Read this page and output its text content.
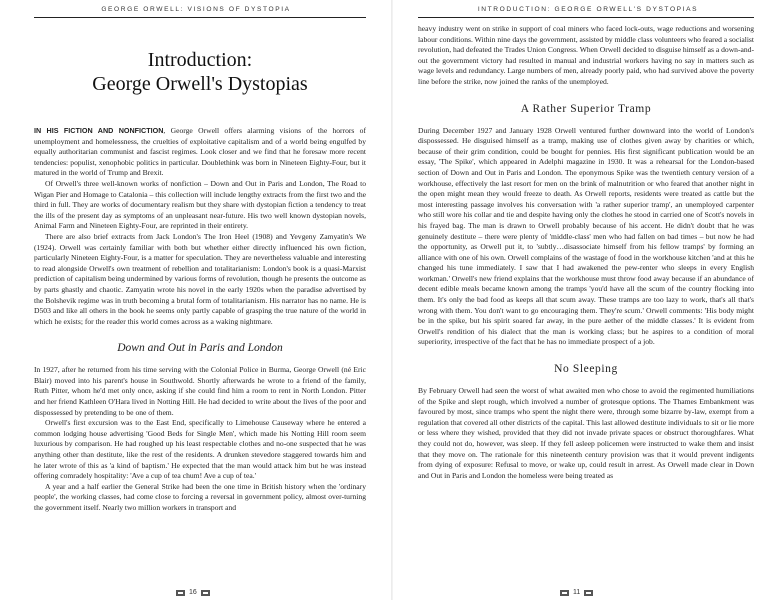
GEORGE ORWELL: VISIONS OF DYSTOPIA
Introduction:
George Orwell's Dystopias

IN HIS FICTION AND NONFICTION, George Orwell offers alarming visions of the horrors of unemployment and homelessness, the cruelties of exploitative capitalism and of a world being engulfed by equally authoritarian communist and fascist regimes. Look closer and we find that he foresaw more recent tendencies: populist, xenophobic politics in particular. Doublethink was born in Nineteen Eighty-Four, but it matured in the world of Trump and Brexit.

Of Orwell's three well-known works of nonfiction – Down and Out in Paris and London, The Road to Wigan Pier and Homage to Catalonia – this collection will include lengthy extracts from the first two and the third in full. They are works of documentary realism but they share with dystopian fiction a tendency to treat the ills of the present day as symptoms of an unpleasant near-future. His two well known dystopian novels, Animal Farm and Nineteen Eighty-Four, are reprinted in their entirety.

There are also brief extracts from Jack London's The Iron Heel (1908) and Yevgeny Zamyatin's We (1924). Orwell was certainly familiar with both but whether either directly influenced his own fiction, particularly Nineteen Eighty-Four, is a matter for speculation. They are nevertheless valuable and interesting to read alongside Orwell's own treatment of rebellion and totalitarianism: London's book is a quasi-Marxist prediction of capitalism being undermined by various forms of revolution, though he presents the outcome as by parts ghastly and chaotic. Zamyatin wrote his novel in the early 1920s when the paradise advertised by the Bolshevik regime was in truth becoming a brutal form of totalitarianism. His narrator has no name. He is D503 and like all others in the book he seems only partly capable of grasping the true nature of the world in which he exists; for the reader this world comes across as a waking nightmare.

Down and Out in Paris and London

In 1927, after he returned from his time serving with the Colonial Police in Burma, George Orwell (né Eric Blair) moved into his parent's house in Southwold. Shortly afterwards he wrote to a friend of the family, Ruth Pitter, whom he'd met only once, asking if she could find him a room to rent in North London. Pitter and her friend Kathleen O'Hara lived in Notting Hill. He had decided to write about the lives of the poor and dispossessed by pretending to be one of them.

Orwell's first excursion was to the East End, specifically to Limehouse Causeway where he entered a common lodging house advertising 'Good Beds for Single Men', which made his Notting Hill room seem luxurious by comparison. He had roughed up his least respectable clothes and no-one suspected that he was anything other than destitute, like the rest of the residents. A drunken stevedore staggered towards him and he later wrote of this as 'a kind of baptism.' He expected that the man would attack him but he was instead offering comradely hospitality: 'Ave a cup of tea chum! Ave a cup of tea.'

A year and a half earlier the General Strike had been the one time in British history when the 'ordinary people', the working classes, had come close to forcing a reversal in government policy, almost over-turning the government itself. Nearly two million workers in transport and

16
INTRODUCTION: GEORGE ORWELL'S DYSTOPIAS

heavy industry went on strike in support of coal miners who faced lock-outs, wage reductions and worsening labour conditions. Within nine days the government, assisted by middle class volunteers who feared a socialist revolution, had defeated the Trades Union Congress. When Orwell decided to disguise himself as a down-and-out the government victory had resulted in manual and industrial workers having no say in matters such as wage levels and redundancy. Large numbers of men, already poorly paid, who had survived above the poverty line before the strike, now joined the ranks of the unemployed.

A Rather Superior Tramp

During December 1927 and January 1928 Orwell ventured further downward into the world of London's dispossessed. He disguised himself as a tramp, making use of clothes given away by charities or which, because of their grim condition, could be bought for pennies. His first significant publication would be an essay, 'The Spike', which appeared in Adelphi magazine in 1930. It was a rehearsal for the London-based section of Down and Out in Paris and London. The eponymous Spike was the twentieth century version of a workhouse, effectively the last resort for men on the brink of malnutrition or who feared that another night in the open might mean they would freeze to death. As Orwell reports, residents were treated as cattle but the most interesting passage involves his conversation with 'a rather superior tramp', an unemployed carpenter who still wore his collar and tie and despite having only the clothes he stood in carried one of Scott's novels in his frayed bag. The man is drawn to Orwell probably because of his accent. He didn't doubt that he was genuinely destitute – there were plenty of 'middle-class' men who had fallen on bad times – but now he had the opportunity, as Orwell put it, to 'subtly…disassociate himself from his fellow tramps' by forming an alliance with one of his own. Orwell complains of the wastage of food in the workhouse kitchen 'and at this he changed his tune immediately. I saw that I had awakened the pew-renter who sleeps in every English workman.' Orwell's new friend explains that the workhouse must throw food away because if an abundance of decent edible meals became known among the tramps 'you'd have all the scum of the country flocking into them. It's only the bad food as keeps all that scum away. These tramps are too lazy to work, that's all that's wrong with them. You don't want to go encouraging them. They're scum.' Orwell comments: 'His body might be in the spike, but his spirit soared far away, in the pure aether of the middle classes.' It is evident from Orwell's rendition of his dialect that the man is working class; but he aspires to a condition of moral superiority, irrespective of the fact that he has no immediate prospect of a job.

No Sleeping

By February Orwell had seen the worst of what awaited men who chose to avoid the regimented humiliations of the Spike and slept rough, which involved a number of grotesque options. The Thames Embankment was favoured by most, since tramps who spent the night there were, through some bizarre by-law, exempt from a regulation that covered all other districts of the capital. This last allowed destitute individuals to sit or lie more or less where they wished, provided that they did not invade private spaces or obstruct thoroughfares. What they could not do, however, was sleep. If they fell asleep policemen were instructed to wake them and insist that they move on. The rationale for this nineteenth century provision was that it would prevent indigents from dying of exposure: Refusal to move, or wake up, could result in arrest. As Orwell made clear in Down and Out in Paris and London the homeless were being treated as

11
